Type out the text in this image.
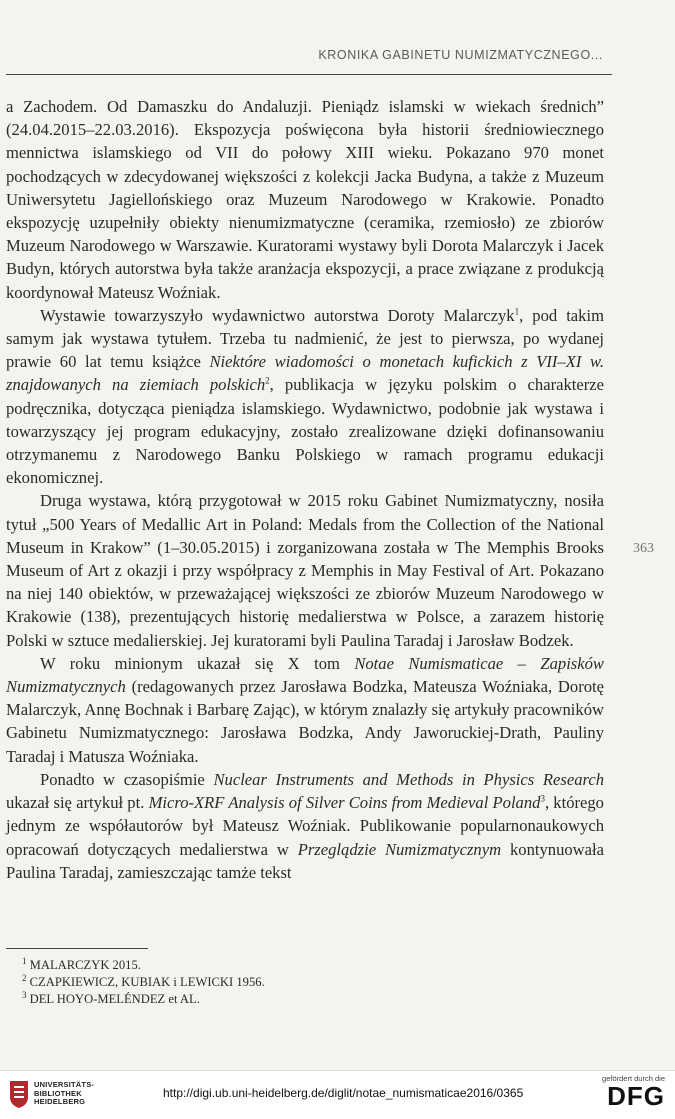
KRONIKA GABINETU NUMIZMATYCZNEGO...

a Zachodem. Od Damaszku do Andaluzji. Pieniądz islamski w wiekach średnich” (24.04.2015–22.03.2016). Ekspozycja poświęcona była historii średniowiecznego mennictwa islamskiego od VII do połowy XIII wieku. Pokazano 970 monet pochodzących w zdecydowanej większości z kolekcji Jacka Budyna, a także z Muzeum Uniwersytetu Jagiellońskiego oraz Muzeum Narodowego w Krakowie. Ponadto ekspozycję uzupełniły obiekty nienumizmatyczne (ceramika, rzemiosło) ze zbiorów Muzeum Narodowego w Warszawie. Kuratorami wystawy byli Dorota Malarczyk i Jacek Budyn, których autorstwa była także aranżacja ekspozycji, a prace związane z produkcją koordynował Mateusz Woźniak.

Wystawie towarzyszyło wydawnictwo autorstwa Doroty Malarczyk$^1$, pod takim samym jak wystawa tytułem. Trzeba tu nadmienić, że jest to pierwsza, po wydanej prawie 60 lat temu książce Niektóre wiadomości o monetach kufickich z VII–XI w. znajdowanych na ziemiach polskich$^2$, publikacja w języku polskim o charakterze podręcznika, dotycząca pieniądza islamskiego. Wydawnictwo, podobnie jak wystawa i towarzyszący jej program edukacyjny, zostało zrealizowane dzięki dofinansowaniu otrzymanemu z Narodowego Banku Polskiego w ramach programu edukacji ekonomicznej.

Druga wystawa, którą przygotował w 2015 roku Gabinet Numizmatyczny, nosiła tytuł „500 Years of Medallic Art in Poland: Medals from the Collection of the National Museum in Krakow” (1–30.05.2015) i zorganizowana została w The Memphis Brooks Museum of Art z okazji i przy współpracy z Memphis in May Festival of Art. Pokazano na niej 140 obiektów, w przeważającej większości ze zbiorów Muzeum Narodowego w Krakowie (138), prezentujących historię medalierstwa w Polsce, a zarazem historię Polski w sztuce medalierskiej. Jej kuratorami byli Paulina Taradaj i Jarosław Bodzek.

W roku minionym ukazał się X tom Notae Numismaticae – Zapisków Numizmatycznych (redagowanych przez Jarosława Bodzka, Mateusza Woźniaka, Dorotę Malarczyk, Annę Bochnak i Barbarę Zając), w którym znalazły się artykuły pracowników Gabinetu Numizmatycznego: Jarosława Bodzka, Andy Jaworuckiej-Drath, Pauliny Taradaj i Matusza Woźniaka.

Ponadto w czasopiśmie Nuclear Instruments and Methods in Physics Research ukazał się artykuł pt. Micro-XRF Analysis of Silver Coins from Medieval Poland$^3$, którego jednym ze współautorów był Mateusz Woźniak. Publikowanie popularnonaukowych opracowań dotyczących medalierstwa w Przeglądzie Numizmatycznym kontynuowała Paulina Taradaj, zamieszczając tamże tekst

363
$^1$ MALARCZYK 2015.
$^2$ CZAPKIEWICZ, KUBIAK i LEWICKI 1956.
$^3$ DEL HOYO-MELÉNDEZ et AL.
UNIVERSITÄTS-
BIBLIOTHEK
HEIDELBERG
http://digi.ub.uni-heidelberg.de/diglit/notae_numismaticae2016/0365
gefördert durch die
DFG
